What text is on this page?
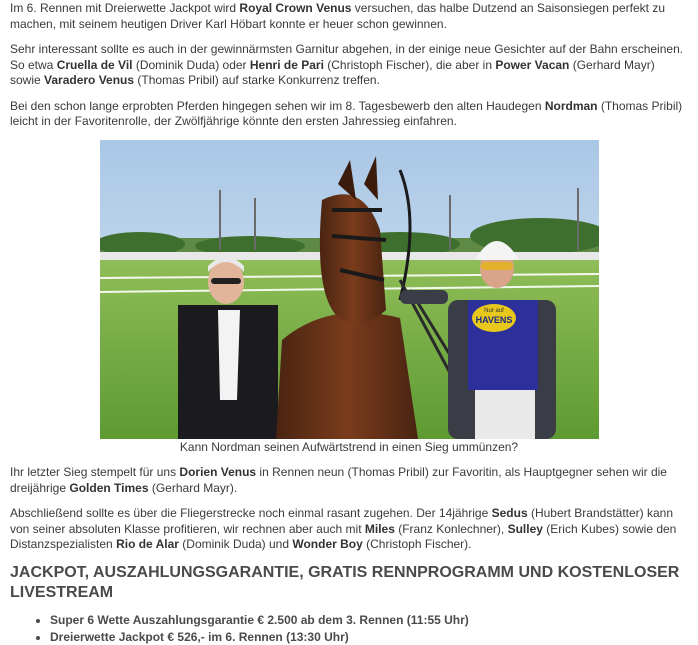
Im 6. Rennen mit Dreierwette Jackpot wird Royal Crown Venus versuchen, das halbe Dutzend an Saisonsiegen perfekt zu machen, mit seinem heutigen Driver Karl Höbart konnte er heuer schon gewinnen.

Sehr interessant sollte es auch in der gewinnärmsten Garnitur abgehen, in der einige neue Gesichter auf der Bahn erscheinen. So etwa Cruella de Vil (Dominik Duda) oder Henri de Pari (Christoph Fischer), die aber in Power Vacan (Gerhard Mayr) sowie Varadero Venus (Thomas Pribil) auf starke Konkurrenz treffen.

Bei den schon lange erprobten Pferden hingegen sehen wir im 8. Tagesbewerb den alten Haudegen Nordman (Thomas Pribil) leicht in der Favoritenrolle, der Zwölfjährige könnte den ersten Jahressieg einfahren.

Nur auf
HAVENS
Kann Nordman seinen Aufwärtstrend in einen Sieg ummünzen?

Ihr letzter Sieg stempelt für uns Dorien Venus in Rennen neun (Thomas Pribil) zur Favoritin, als Hauptgegner sehen wir die dreijährige Golden Times (Gerhard Mayr).

Abschließend sollte es über die Fliegerstrecke noch einmal rasant zugehen. Der 14jährige Sedus (Hubert Brandstätter) kann von seiner absoluten Klasse profitieren, wir rechnen aber auch mit Miles (Franz Konlechner), Sulley (Erich Kubes) sowie den Distanzspezialisten Rio de Alar (Dominik Duda) und Wonder Boy (Christoph Fischer).

JACKPOT, AUSZAHLUNGSGARANTIE, GRATIS RENNPROGRAMM UND KOSTENLOSER LIVESTREAM
• Super 6 Wette Auszahlungsgarantie € 2.500 ab dem 3. Rennen (11:55 Uhr)
• Dreierwette Jackpot € 526,- im 6. Rennen (13:30 Uhr)
